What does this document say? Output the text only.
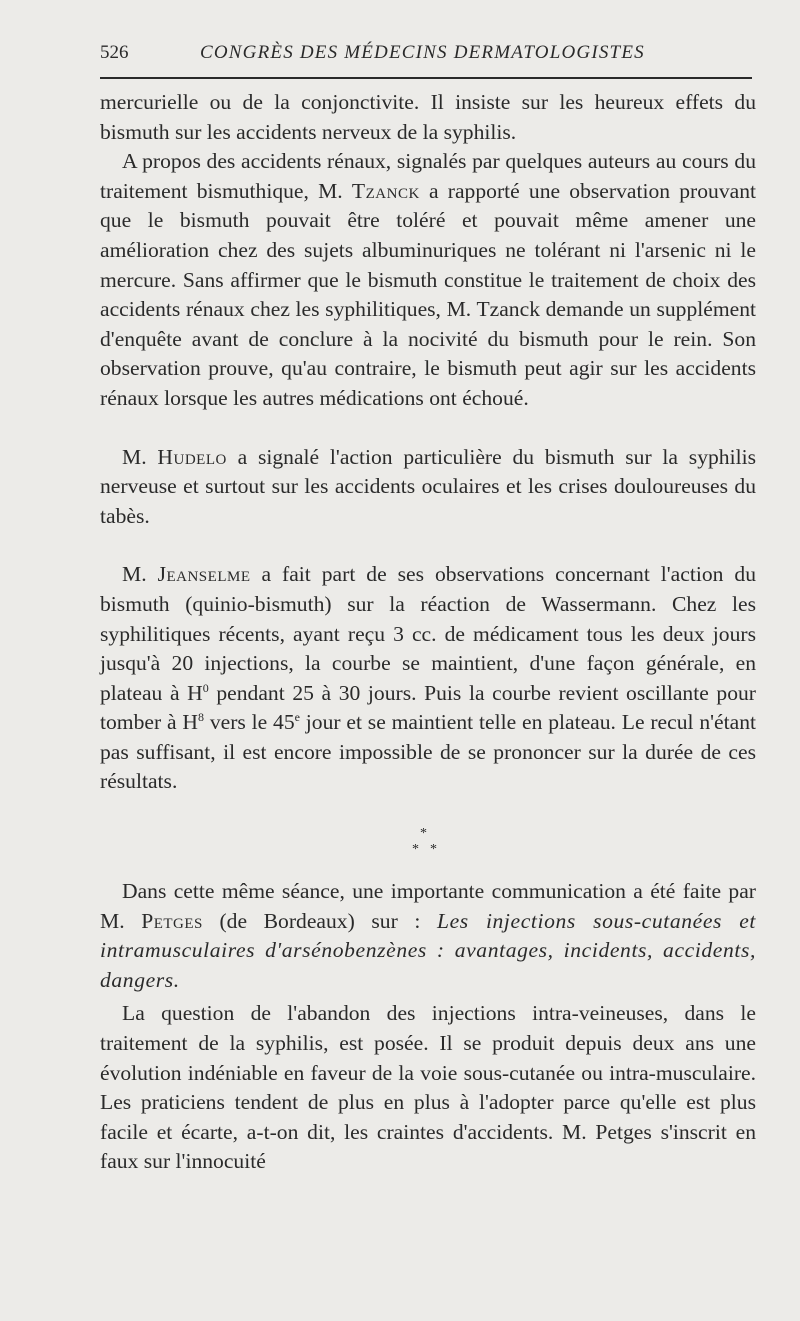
526	CONGRÈS DES MÉDECINS DERMATOLOGISTES

mercurielle ou de la conjonctivite. Il insiste sur les heureux effets du bismuth sur les accidents nerveux de la syphilis.

A propos des accidents rénaux, signalés par quelques auteurs au cours du traitement bismuthique, M. Tzanck a rapporté une observation prouvant que le bismuth pouvait être toléré et pouvait même amener une amélioration chez des sujets albuminuriques ne tolérant ni l'arsenic ni le mercure. Sans affirmer que le bismuth constitue le traitement de choix des accidents rénaux chez les syphilitiques, M. Tzanck demande un supplément d'enquête avant de conclure à la nocivité du bismuth pour le rein. Son observation prouve, qu'au contraire, le bismuth peut agir sur les accidents rénaux lorsque les autres médications ont échoué.

M. Hudelo a signalé l'action particulière du bismuth sur la syphilis nerveuse et surtout sur les accidents oculaires et les crises douloureuses du tabès.

M. Jeanselme a fait part de ses observations concernant l'action du bismuth (quinio-bismuth) sur la réaction de Wassermann. Chez les syphilitiques récents, ayant reçu 3 cc. de médicament tous les deux jours jusqu'à 20 injections, la courbe se maintient, d'une façon générale, en plateau à $H^0$ pendant 25 à 30 jours. Puis la courbe revient oscillante pour tomber à $H^8$ vers le 45e jour et se maintient telle en plateau. Le recul n'étant pas suffisant, il est encore impossible de se prononcer sur la durée de ces résultats.

*
* *

Dans cette même séance, une importante communication a été faite par M. Petges (de Bordeaux) sur : Les injections sous-cutanées et intramusculaires d'arsénobenzènes : avantages, incidents, accidents, dangers.

La question de l'abandon des injections intra-veineuses, dans le traitement de la syphilis, est posée. Il se produit depuis deux ans une évolution indéniable en faveur de la voie sous-cutanée ou intra-musculaire. Les praticiens tendent de plus en plus à l'adopter parce qu'elle est plus facile et écarte, a-t-on dit, les craintes d'accidents. M. Petges s'inscrit en faux sur l'innocuité
